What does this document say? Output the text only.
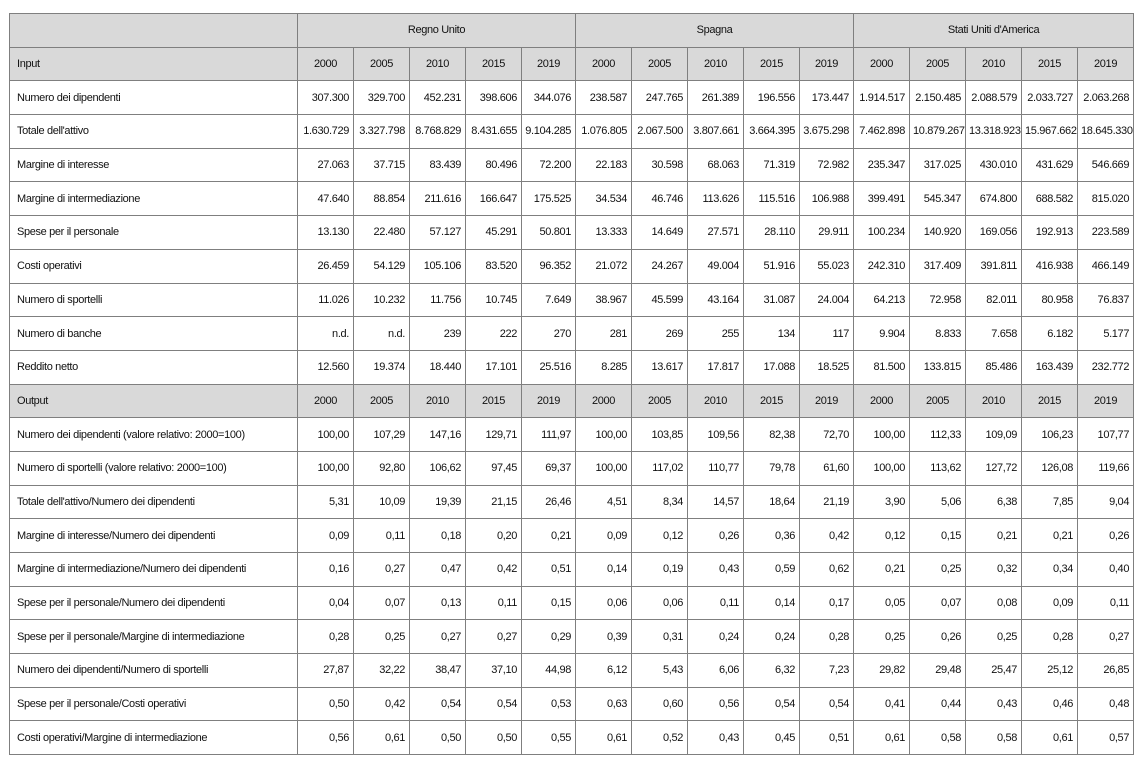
	Regno Unito					Spagna					Stati Uniti d'America				
Input	2000	2005	2010	2015	2019	2000	2005	2010	2015	2019	2000	2005	2010	2015	2019
Numero dei dipendenti	307.300	329.700	452.231	398.606	344.076	238.587	247.765	261.389	196.556	173.447	1.914.517	2.150.485	2.088.579	2.033.727	2.063.268
Totale dell'attivo	1.630.729	3.327.798	8.768.829	8.431.655	9.104.285	1.076.805	2.067.500	3.807.661	3.664.395	3.675.298	7.462.898	10.879.267	13.318.923	15.967.662	18.645.330
Margine di interesse	27.063	37.715	83.439	80.496	72.200	22.183	30.598	68.063	71.319	72.982	235.347	317.025	430.010	431.629	546.669
Margine di intermediazione	47.640	88.854	211.616	166.647	175.525	34.534	46.746	113.626	115.516	106.988	399.491	545.347	674.800	688.582	815.020
Spese per il personale	13.130	22.480	57.127	45.291	50.801	13.333	14.649	27.571	28.110	29.911	100.234	140.920	169.056	192.913	223.589
Costi operativi	26.459	54.129	105.106	83.520	96.352	21.072	24.267	49.004	51.916	55.023	242.310	317.409	391.811	416.938	466.149
Numero di sportelli	11.026	10.232	11.756	10.745	7.649	38.967	45.599	43.164	31.087	24.004	64.213	72.958	82.011	80.958	76.837
Numero di banche	n.d.	n.d.	239	222	270	281	269	255	134	117	9.904	8.833	7.658	6.182	5.177
Reddito netto	12.560	19.374	18.440	17.101	25.516	8.285	13.617	17.817	17.088	18.525	81.500	133.815	85.486	163.439	232.772
Output	2000	2005	2010	2015	2019	2000	2005	2010	2015	2019	2000	2005	2010	2015	2019
Numero dei dipendenti (valore relativo: 2000=100)	100,00	107,29	147,16	129,71	111,97	100,00	103,85	109,56	82,38	72,70	100,00	112,33	109,09	106,23	107,77
Numero di sportelli (valore relativo: 2000=100)	100,00	92,80	106,62	97,45	69,37	100,00	117,02	110,77	79,78	61,60	100,00	113,62	127,72	126,08	119,66
Totale dell'attivo/Numero dei dipendenti	5,31	10,09	19,39	21,15	26,46	4,51	8,34	14,57	18,64	21,19	3,90	5,06	6,38	7,85	9,04
Margine di interesse/Numero dei dipendenti	0,09	0,11	0,18	0,20	0,21	0,09	0,12	0,26	0,36	0,42	0,12	0,15	0,21	0,21	0,26
Margine di intermediazione/Numero dei dipendenti	0,16	0,27	0,47	0,42	0,51	0,14	0,19	0,43	0,59	0,62	0,21	0,25	0,32	0,34	0,40
Spese per il personale/Numero dei dipendenti	0,04	0,07	0,13	0,11	0,15	0,06	0,06	0,11	0,14	0,17	0,05	0,07	0,08	0,09	0,11
Spese per il personale/Margine di intermediazione	0,28	0,25	0,27	0,27	0,29	0,39	0,31	0,24	0,24	0,28	0,25	0,26	0,25	0,28	0,27
Numero dei dipendenti/Numero di sportelli	27,87	32,22	38,47	37,10	44,98	6,12	5,43	6,06	6,32	7,23	29,82	29,48	25,47	25,12	26,85
Spese per il personale/Costi operativi	0,50	0,42	0,54	0,54	0,53	0,63	0,60	0,56	0,54	0,54	0,41	0,44	0,43	0,46	0,48
Costi operativi/Margine di intermediazione	0,56	0,61	0,50	0,50	0,55	0,61	0,52	0,43	0,45	0,51	0,61	0,58	0,58	0,61	0,57
